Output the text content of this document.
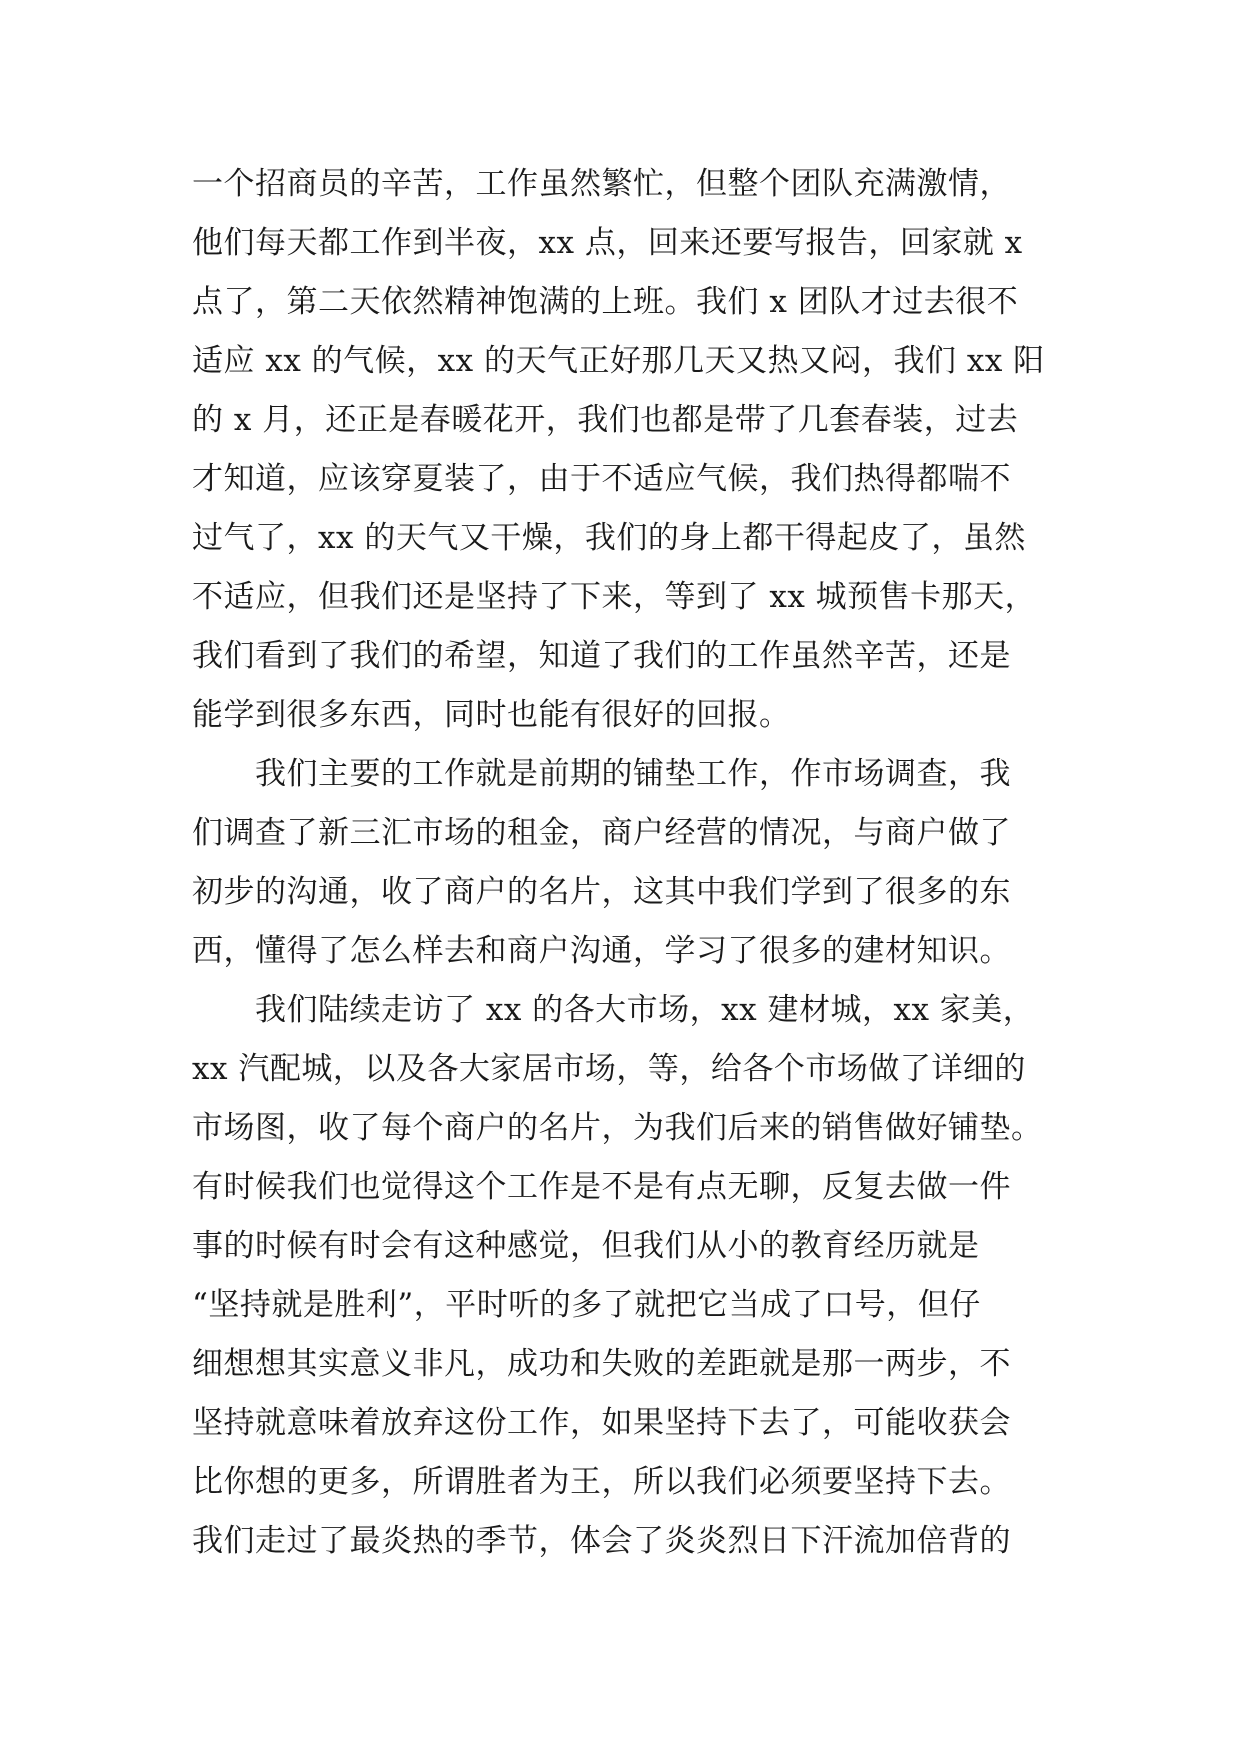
一个招商员的辛苦，工作虽然繁忙，但整个团队充满激情，
他们每天都工作到半夜，xx 点，回来还要写报告，回家就 x
点了，第二天依然精神饱满的上班。我们 x 团队才过去很不
适应 xx 的气候，xx 的天气正好那几天又热又闷，我们 xx 阳
的 x 月，还正是春暖花开，我们也都是带了几套春装，过去
才知道，应该穿夏装了，由于不适应气候，我们热得都喘不
过气了，xx 的天气又干燥，我们的身上都干得起皮了，虽然
不适应，但我们还是坚持了下来，等到了 xx 城预售卡那天，
我们看到了我们的希望，知道了我们的工作虽然辛苦，还是
能学到很多东西，同时也能有很好的回报。
　　我们主要的工作就是前期的铺垫工作，作市场调查，我
们调查了新三汇市场的租金，商户经营的情况，与商户做了
初步的沟通，收了商户的名片，这其中我们学到了很多的东
西，懂得了怎么样去和商户沟通，学习了很多的建材知识。
　　我们陆续走访了 xx 的各大市场，xx 建材城，xx 家美，
xx 汽配城，以及各大家居市场，等，给各个市场做了详细的
市场图，收了每个商户的名片，为我们后来的销售做好铺垫。
有时候我们也觉得这个工作是不是有点无聊，反复去做一件
事的时候有时会有这种感觉，但我们从小的教育经历就是
“坚持就是胜利”，平时听的多了就把它当成了口号，但仔
细想想其实意义非凡，成功和失败的差距就是那一两步，不
坚持就意味着放弃这份工作，如果坚持下去了，可能收获会
比你想的更多，所谓胜者为王，所以我们必须要坚持下去。
我们走过了最炎热的季节，体会了炎炎烈日下汗流加倍背的
